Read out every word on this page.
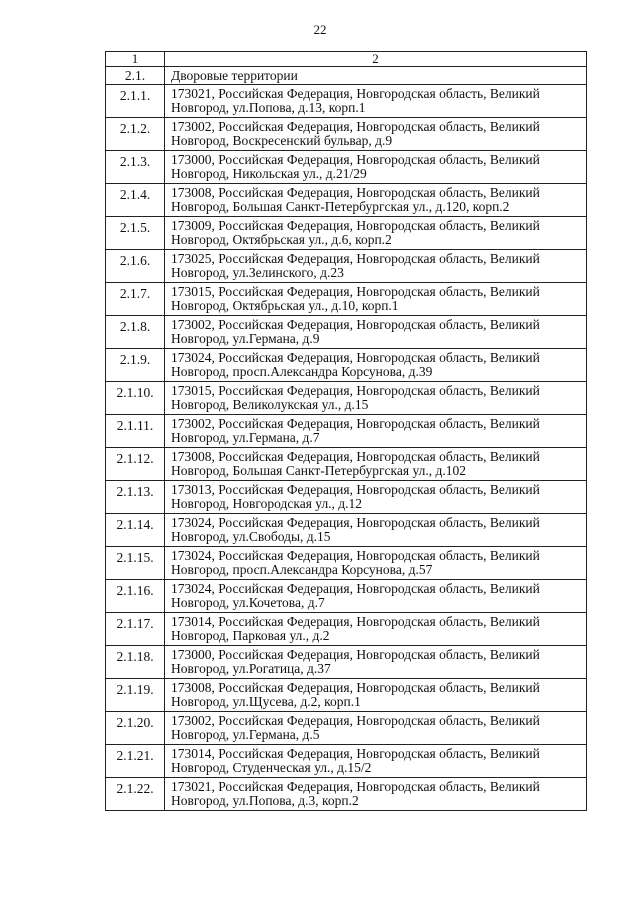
22
1	2
2.1.	Дворовые территории
2.1.1.	173021, Российская Федерация, Новгородская область, Великий
Новгород, ул.Попова, д.13, корп.1

2.1.2.	173002, Российская Федерация, Новгородская область, Великий
Новгород, Воскресенский бульвар, д.9

2.1.3.	173000, Российская Федерация, Новгородская область, Великий
Новгород, Никольская ул., д.21/29

2.1.4.	173008, Российская Федерация, Новгородская область, Великий
Новгород, Большая Санкт-Петербургская ул., д.120, корп.2

2.1.5.	173009, Российская Федерация, Новгородская область, Великий
Новгород, Октябрьская ул., д.6, корп.2

2.1.6.	173025, Российская Федерация, Новгородская область, Великий
Новгород, ул.Зелинского, д.23

2.1.7.	173015, Российская Федерация, Новгородская область, Великий
Новгород, Октябрьская ул., д.10, корп.1

2.1.8.	173002, Российская Федерация, Новгородская область, Великий
Новгород, ул.Германа, д.9

2.1.9.	173024, Российская Федерация, Новгородская область, Великий
Новгород, просп.Александра Корсунова, д.39

2.1.10.	173015, Российская Федерация, Новгородская область, Великий
Новгород, Великолукская ул., д.15

2.1.11.	173002, Российская Федерация, Новгородская область, Великий
Новгород, ул.Германа, д.7

2.1.12.	173008, Российская Федерация, Новгородская область, Великий
Новгород, Большая Санкт-Петербургская ул., д.102

2.1.13.	173013, Российская Федерация, Новгородская область, Великий
Новгород, Новгородская ул., д.12

2.1.14.	173024, Российская Федерация, Новгородская область, Великий
Новгород, ул.Свободы, д.15

2.1.15.	173024, Российская Федерация, Новгородская область, Великий
Новгород, просп.Александра Корсунова, д.57

2.1.16.	173024, Российская Федерация, Новгородская область, Великий
Новгород, ул.Кочетова, д.7

2.1.17.	173014, Российская Федерация, Новгородская область, Великий
Новгород, Парковая ул., д.2

2.1.18.	173000, Российская Федерация, Новгородская область, Великий
Новгород, ул.Рогатица, д.37

2.1.19.	173008, Российская Федерация, Новгородская область, Великий
Новгород, ул.Щусева, д.2, корп.1

2.1.20.	173002, Российская Федерация, Новгородская область, Великий
Новгород, ул.Германа, д.5

2.1.21.	173014, Российская Федерация, Новгородская область, Великий
Новгород, Студенческая ул., д.15/2

2.1.22.	173021, Российская Федерация, Новгородская область, Великий
Новгород, ул.Попова, д.3, корп.2
